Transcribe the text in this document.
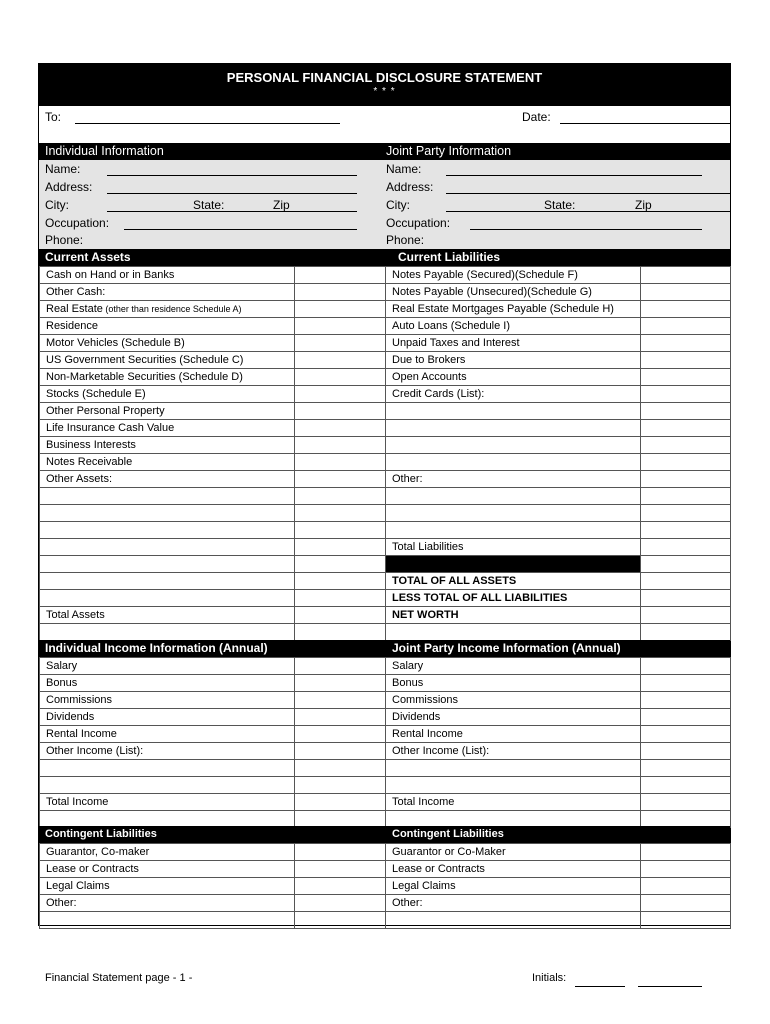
PERSONAL FINANCIAL DISCLOSURE STATEMENT
* * *
To:	Date:
Individual Information	Joint Party Information
Name:
Address:
City:	State:	Zip
Occupation:
Phone:
Name:
Address:
City:	State:	Zip
Occupation:
Phone:
Current Assets	Current Liabilities
Cash on Hand or in Banks		Notes Payable (Secured)(Schedule F)	
Other Cash:		Notes Payable (Unsecured)(Schedule G)	
Real Estate (other than residence Schedule A)		Real Estate Mortgages Payable (Schedule H)	
Residence		Auto Loans (Schedule I)	
Motor Vehicles (Schedule B)		Unpaid Taxes and Interest	
US Government Securities (Schedule C)		Due to Brokers	
Non-Marketable Securities (Schedule D)		Open Accounts	
Stocks (Schedule E)		Credit Cards (List):	
Other Personal Property			
Life Insurance Cash Value			
Business Interests			
Notes Receivable			
Other Assets:		Other:	

		Total Liabilities	

		TOTAL OF ALL ASSETS	
		LESS TOTAL OF ALL LIABILITIES	
Total Assets		NET WORTH	

Individual Income Information (Annual)	Joint Party Income Information (Annual)
Salary		Salary	
Bonus		Bonus	
Commissions		Commissions	
Dividends		Dividends	
Rental Income		Rental Income	
Other Income (List):		Other Income (List):	

Total Income		Total Income	

Contingent Liabilities	Contingent Liabilities
Guarantor, Co-maker		Guarantor or Co-Maker	
Lease or Contracts		Lease or Contracts	
Legal Claims		Legal Claims	
Other:		Other:	

Financial Statement page - 1 -	Initials:
